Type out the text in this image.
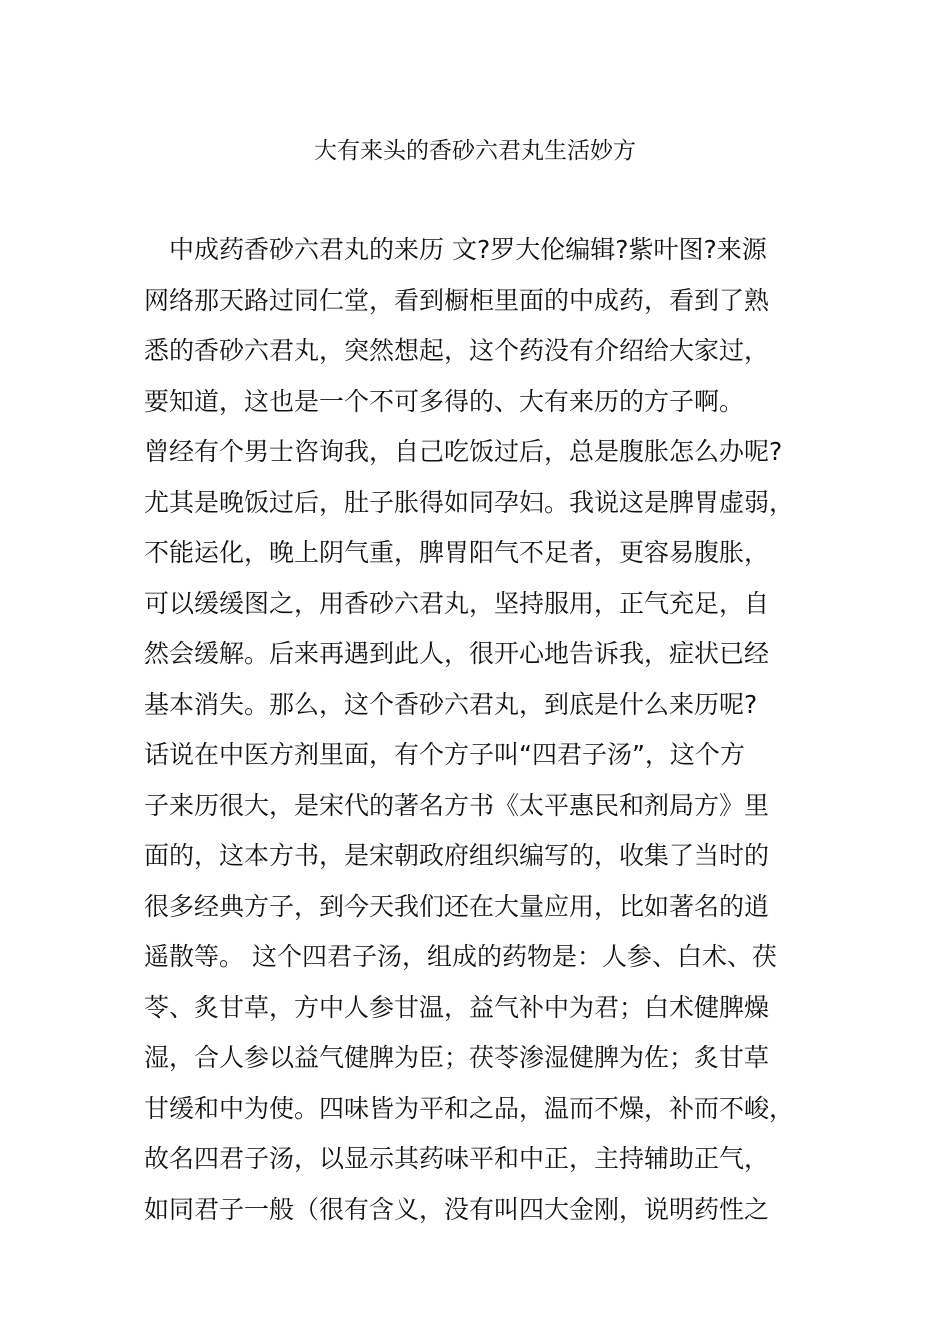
大有来头的香砂六君丸生活妙方
　中成药香砂六君丸的来历 文?罗大伦编辑?紫叶图?来源
网络那天路过同仁堂，看到橱柜里面的中成药，看到了熟
悉的香砂六君丸，突然想起，这个药没有介绍给大家过，
要知道，这也是一个不可多得的、大有来历的方子啊。
曾经有个男士咨询我，自己吃饭过后，总是腹胀怎么办呢?
尤其是晚饭过后，肚子胀得如同孕妇。我说这是脾胃虚弱，
不能运化，晚上阴气重，脾胃阳气不足者，更容易腹胀，
可以缓缓图之，用香砂六君丸，坚持服用，正气充足，自
然会缓解。后来再遇到此人，很开心地告诉我，症状已经
基本消失。那么，这个香砂六君丸，到底是什么来历呢?
话说在中医方剂里面，有个方子叫“四君子汤”，这个方
子来历很大，是宋代的著名方书《太平惠民和剂局方》里
面的，这本方书，是宋朝政府组织编写的，收集了当时的
很多经典方子，到今天我们还在大量应用，比如著名的逍
遥散等。 这个四君子汤，组成的药物是：人参、白术、茯
苓、炙甘草，方中人参甘温，益气补中为君；白术健脾燥
湿，合人参以益气健脾为臣；茯苓渗湿健脾为佐；炙甘草
甘缓和中为使。四味皆为平和之品，温而不燥，补而不峻，
故名四君子汤，以显示其药味平和中正，主持辅助正气，
如同君子一般（很有含义，没有叫四大金刚，说明药性之
